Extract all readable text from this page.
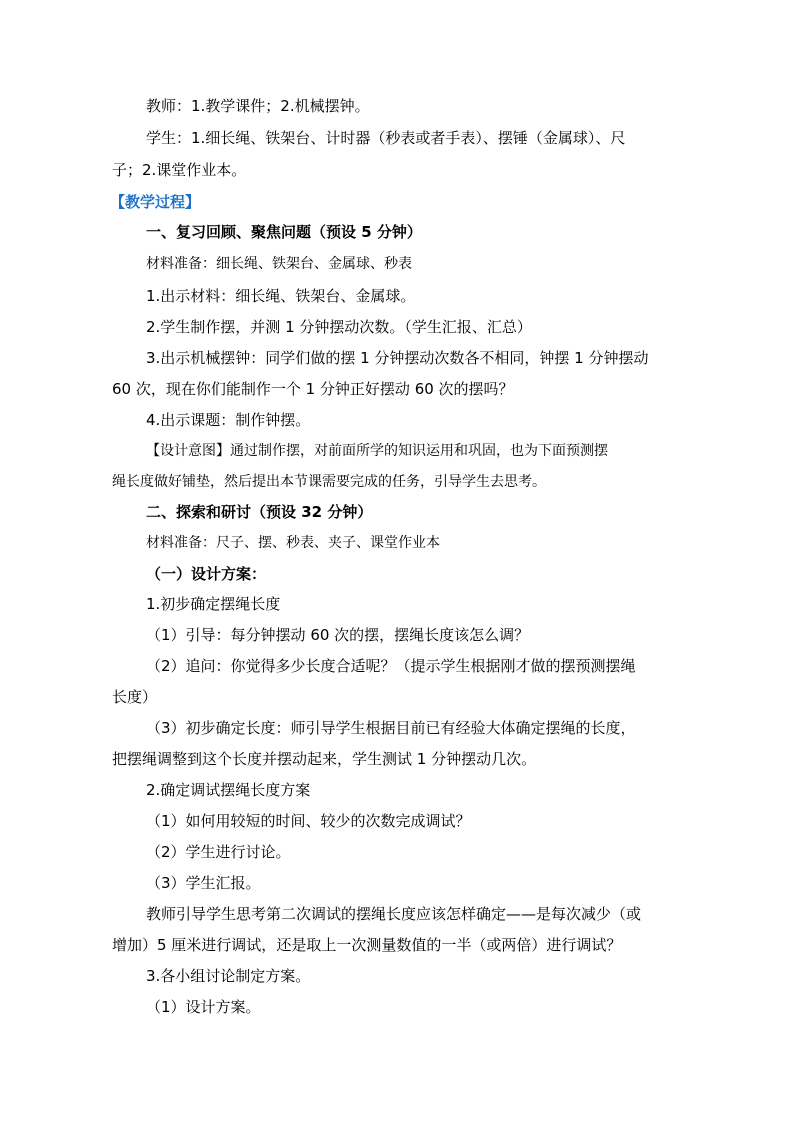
教师：1.教学课件；2.机械摆钟。
学生：1.细长绳、铁架台、计时器（秒表或者手表）、摆锤（金属球）、尺
子；2.课堂作业本。
【教学过程】
一、复习回顾、聚焦问题（预设 5 分钟）
材料准备：细长绳、铁架台、金属球、秒表
1.出示材料：细长绳、铁架台、金属球。
2.学生制作摆，并测 1 分钟摆动次数。（学生汇报、汇总）
3.出示机械摆钟：同学们做的摆 1 分钟摆动次数各不相同，钟摆 1 分钟摆动
60 次，现在你们能制作一个 1 分钟正好摆动 60 次的摆吗？
4.出示课题：制作钟摆。
【设计意图】通过制作摆，对前面所学的知识运用和巩固，也为下面预测摆
绳长度做好铺垫，然后提出本节课需要完成的任务，引导学生去思考。
二、探索和研讨（预设 32 分钟）
材料准备：尺子、摆、秒表、夹子、课堂作业本
（一）设计方案：
1.初步确定摆绳长度
（1）引导：每分钟摆动 60 次的摆，摆绳长度该怎么调？
（2）追问：你觉得多少长度合适呢？（提示学生根据刚才做的摆预测摆绳
长度）
（3）初步确定长度：师引导学生根据目前已有经验大体确定摆绳的长度，
把摆绳调整到这个长度并摆动起来，学生测试 1 分钟摆动几次。
2.确定调试摆绳长度方案
（1）如何用较短的时间、较少的次数完成调试？
（2）学生进行讨论。
（3）学生汇报。
教师引导学生思考第二次调试的摆绳长度应该怎样确定——是每次减少（或
增加）5 厘米进行调试，还是取上一次测量数值的一半（或两倍）进行调试？
3.各小组讨论制定方案。
（1）设计方案。
